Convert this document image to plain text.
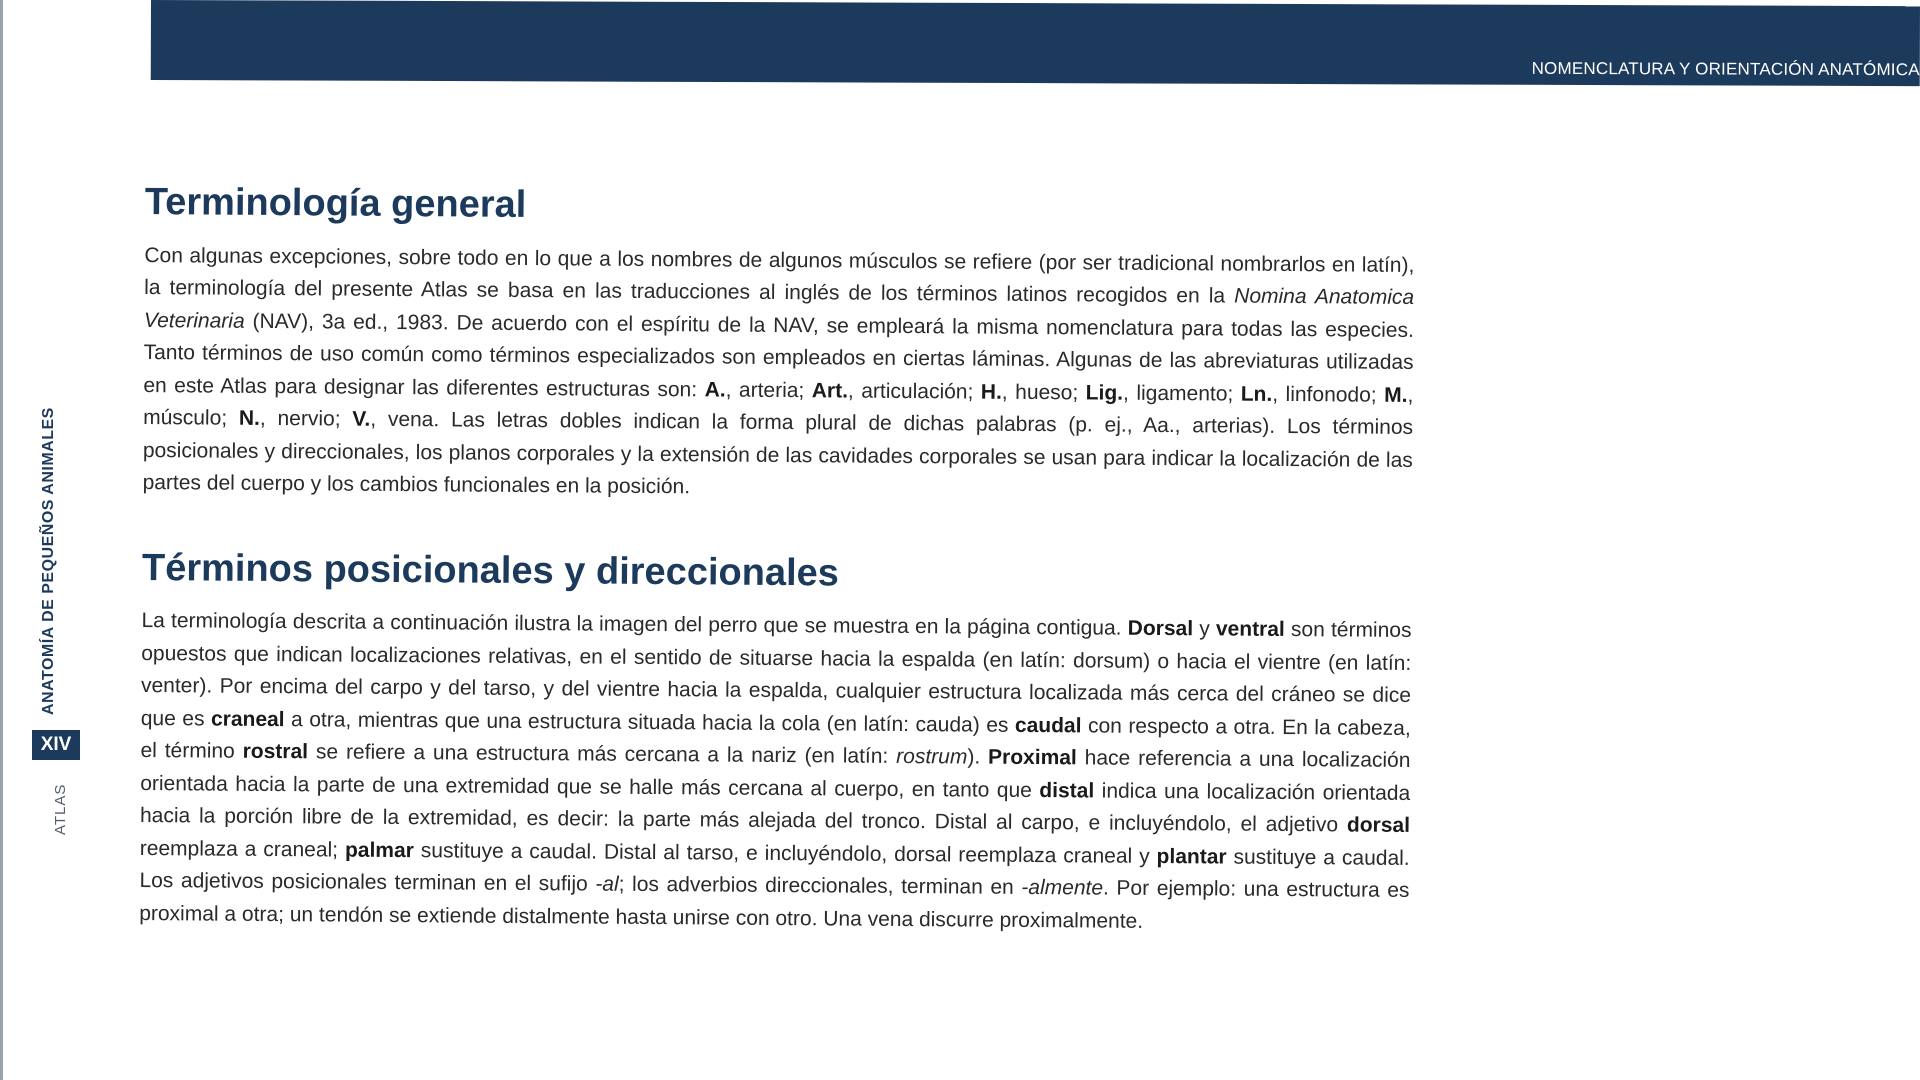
NOMENCLATURA Y ORIENTACIÓN ANATÓMICA
ANATOMÍA DE PEQUEÑOS ANIMALES
XIV
ATLAS
Terminología general

Con algunas excepciones, sobre todo en lo que a los nombres de algunos músculos se refiere (por ser tradicional nombrarlos en latín), la terminología del presente Atlas se basa en las traducciones al inglés de los términos latinos recogidos en la Nomina Anatomica Veterinaria (NAV), 3a ed., 1983. De acuerdo con el espíritu de la NAV, se empleará la misma nomenclatura para todas las especies. Tanto términos de uso común como términos especializados son empleados en ciertas láminas. Algunas de las abreviaturas utilizadas en este Atlas para designar las diferentes estructuras son: A., arteria; Art., articulación; H., hueso; Lig., ligamento; Ln., linfonodo; M., músculo; N., nervio; V., vena. Las letras dobles indican la forma plural de dichas palabras (p. ej., Aa., arterias). Los términos posicionales y direccionales, los planos corporales y la extensión de las cavidades corporales se usan para indicar la localización de las partes del cuerpo y los cambios funcionales en la posición.

Términos posicionales y direccionales

La terminología descrita a continuación ilustra la imagen del perro que se muestra en la página contigua. Dorsal y ventral son términos opuestos que indican localizaciones relativas, en el sentido de situarse hacia la espalda (en latín: dorsum) o hacia el vientre (en latín: venter). Por encima del carpo y del tarso, y del vientre hacia la espalda, cualquier estructura localizada más cerca del cráneo se dice que es craneal a otra, mientras que una estructura situada hacia la cola (en latín: cauda) es caudal con respecto a otra. En la cabeza, el término rostral se refiere a una estructura más cercana a la nariz (en latín: rostrum). Proximal hace referencia a una localización orientada hacia la parte de una extremidad que se halle más cercana al cuerpo, en tanto que distal indica una localización orientada hacia la porción libre de la extremidad, es decir: la parte más alejada del tronco. Distal al carpo, e incluyéndolo, el adjetivo dorsal reemplaza a craneal; palmar sustituye a caudal. Distal al tarso, e incluyéndolo, dorsal reemplaza craneal y plantar sustituye a caudal. Los adjetivos posicionales terminan en el sufijo -al; los adverbios direccionales, terminan en -almente. Por ejemplo: una estructura es proximal a otra; un tendón se extiende distalmente hasta unirse con otro. Una vena discurre proximalmente.
